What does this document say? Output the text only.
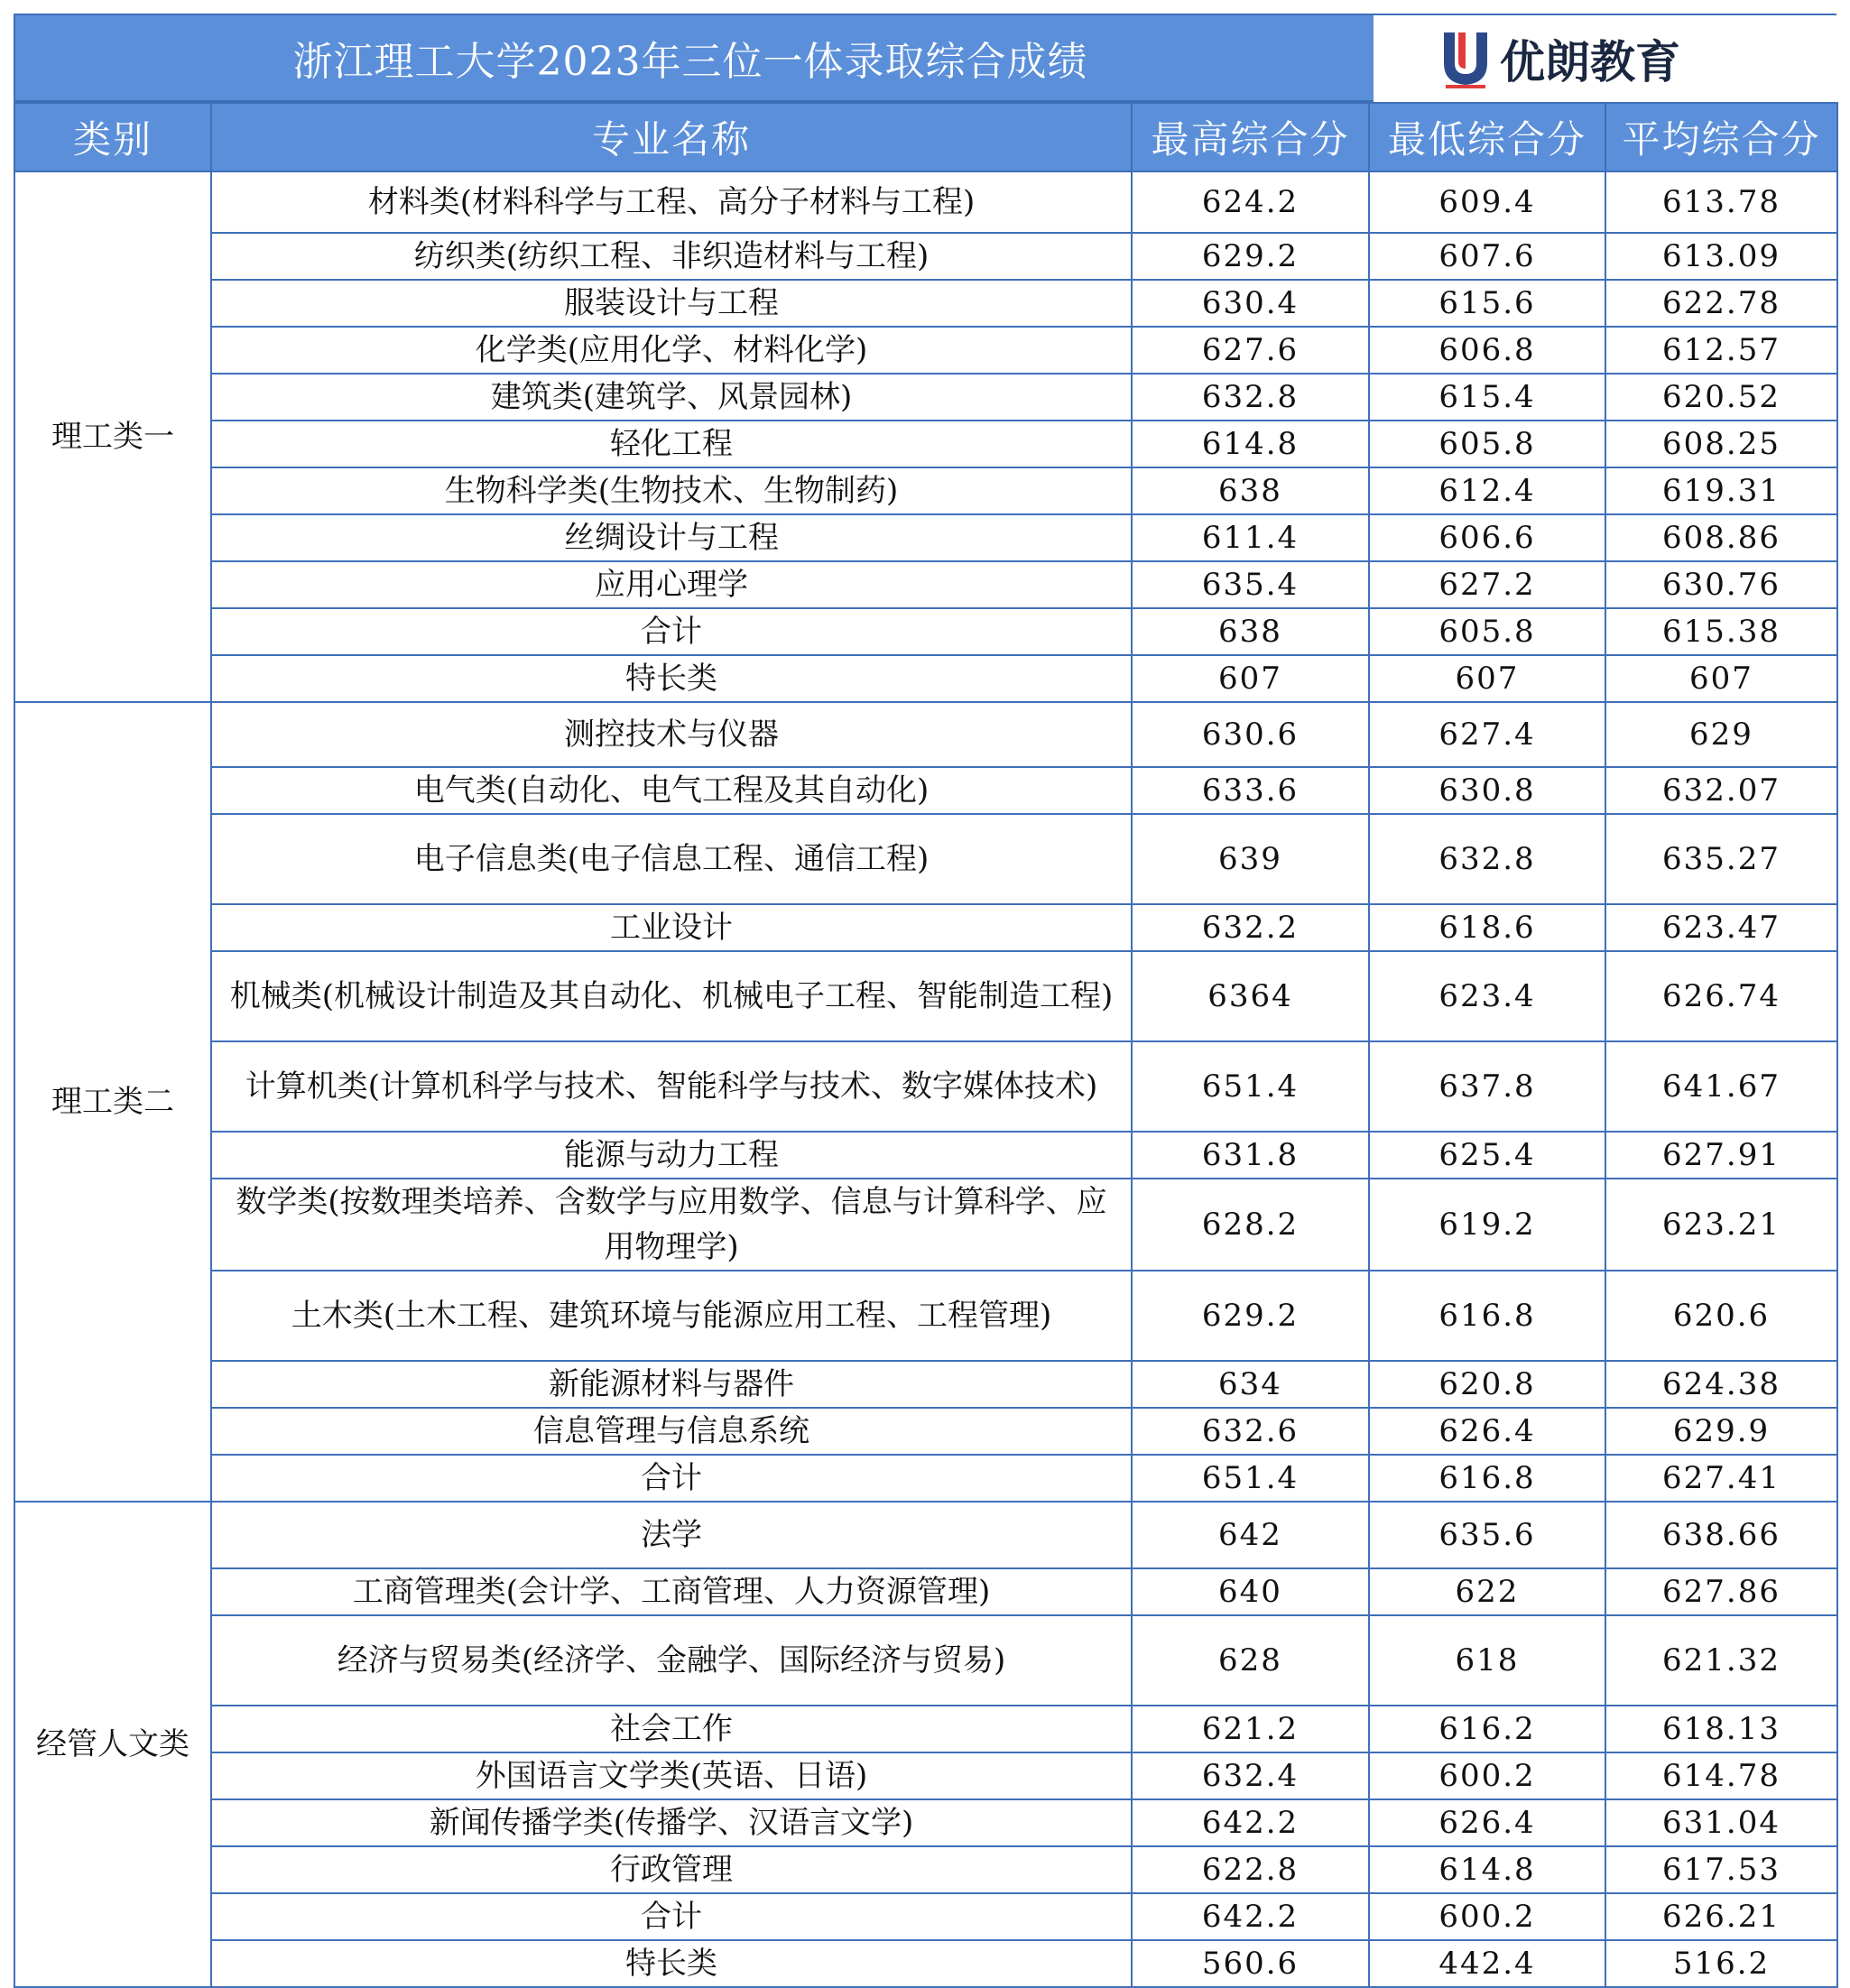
浙江理工大学2023年三位一体录取综合成绩	优朗教育
类别	专业名称	最高综合分	最低综合分	平均综合分
理工类一	材料类(材料科学与工程、高分子材料与工程)	624.2	609.4	613.78
	纺织类(纺织工程、非织造材料与工程)	629.2	607.6	613.09
	服装设计与工程	630.4	615.6	622.78
	化学类(应用化学、材料化学)	627.6	606.8	612.57
	建筑类(建筑学、风景园林)	632.8	615.4	620.52
	轻化工程	614.8	605.8	608.25
	生物科学类(生物技术、生物制药)	638	612.4	619.31
	丝绸设计与工程	611.4	606.6	608.86
	应用心理学	635.4	627.2	630.76
	合计	638	605.8	615.38
	特长类	607	607	607
理工类二	测控技术与仪器	630.6	627.4	629
	电气类(自动化、电气工程及其自动化)	633.6	630.8	632.07
	电子信息类(电子信息工程、通信工程)	639	632.8	635.27
	工业设计	632.2	618.6	623.47
	机械类(机械设计制造及其自动化、机械电子工程、智能制造工程)	6364	623.4	626.74
	计算机类(计算机科学与技术、智能科学与技术、数字媒体技术)	651.4	637.8	641.67
	能源与动力工程	631.8	625.4	627.91
	数学类(按数理类培养、含数学与应用数学、信息与计算科学、应用物理学)	628.2	619.2	623.21
	土木类(土木工程、建筑环境与能源应用工程、工程管理)	629.2	616.8	620.6
	新能源材料与器件	634	620.8	624.38
	信息管理与信息系统	632.6	626.4	629.9
	合计	651.4	616.8	627.41
经管人文类	法学	642	635.6	638.66
	工商管理类(会计学、工商管理、人力资源管理)	640	622	627.86
	经济与贸易类(经济学、金融学、国际经济与贸易)	628	618	621.32
	社会工作	621.2	616.2	618.13
	外国语言文学类(英语、日语)	632.4	600.2	614.78
	新闻传播学类(传播学、汉语言文学)	642.2	626.4	631.04
	行政管理	622.8	614.8	617.53
	合计	642.2	600.2	626.21
	特长类	560.6	442.4	516.2
